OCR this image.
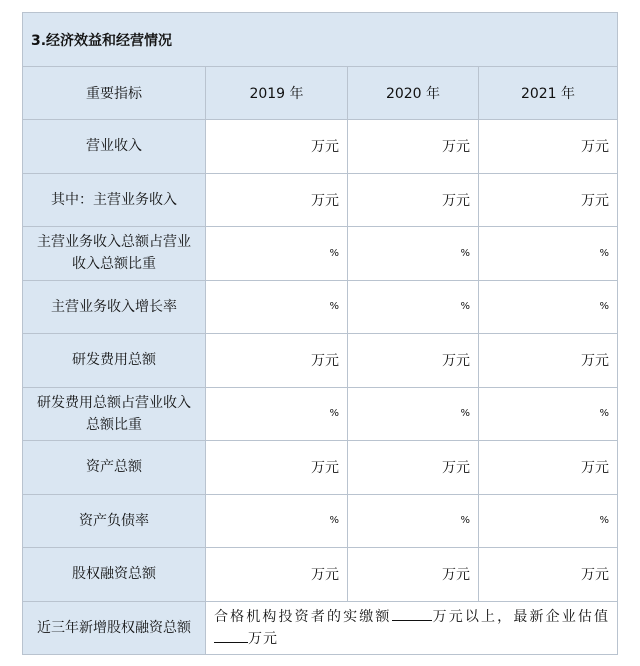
3.经济效益和经营情况			
重要指标	2019 年	2020 年	2021 年
营业收入	万元	万元	万元
其中：主营业务收入	万元	万元	万元
主营业务收入总额占营业收入总额比重	%	%	%
主营业务收入增长率	%	%	%
研发费用总额	万元	万元	万元
研发费用总额占营业收入总额比重	%	%	%
资产总额	万元	万元	万元
资产负债率	%	%	%
股权融资总额	万元	万元	万元
近三年新增股权融资总额	合格机构投资者的实缴额 万元以上，最新企业估值万元		
